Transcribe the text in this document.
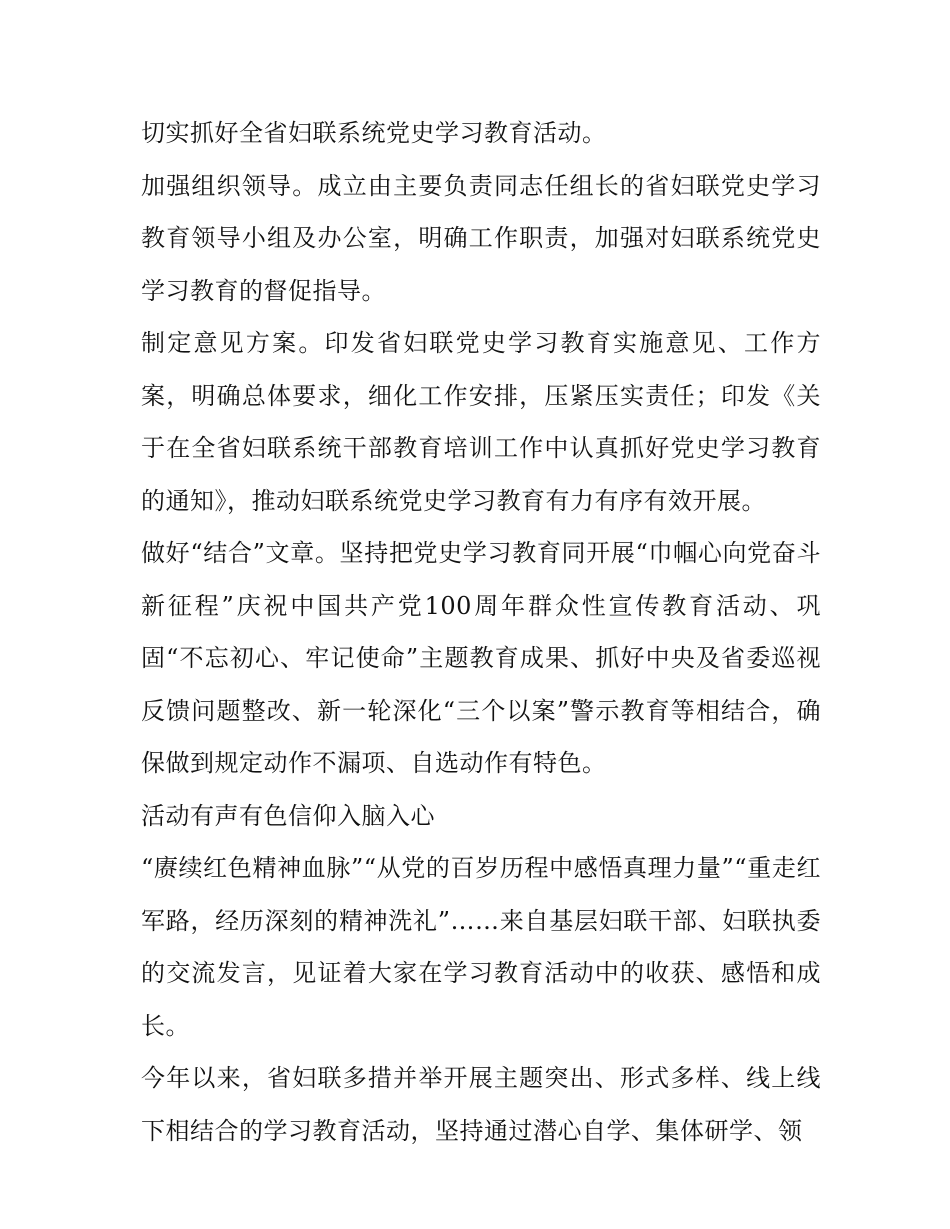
切实抓好全省妇联系统党史学习教育活动。

加强组织领导。成立由主要负责同志任组长的省妇联党史学习教育领导小组及办公室，明确工作职责，加强对妇联系统党史学习教育的督促指导。

制定意见方案。印发省妇联党史学习教育实施意见、工作方案，明确总体要求，细化工作安排，压紧压实责任；印发《关于在全省妇联系统干部教育培训工作中认真抓好党史学习教育的通知》，推动妇联系统党史学习教育有力有序有效开展。

做好“结合”文章。坚持把党史学习教育同开展“巾帼心向党奋斗新征程”庆祝中国共产党100周年群众性宣传教育活动、巩固“不忘初心、牢记使命”主题教育成果、抓好中央及省委巡视反馈问题整改、新一轮深化“三个以案”警示教育等相结合，确保做到规定动作不漏项、自选动作有特色。

活动有声有色信仰入脑入心

“赓续红色精神血脉”“从党的百岁历程中感悟真理力量”“重走红军路，经历深刻的精神洗礼”……来自基层妇联干部、妇联执委的交流发言，见证着大家在学习教育活动中的收获、感悟和成长。

今年以来，省妇联多措并举开展主题突出、形式多样、线上线下相结合的学习教育活动，坚持通过潜心自学、集体研学、领
